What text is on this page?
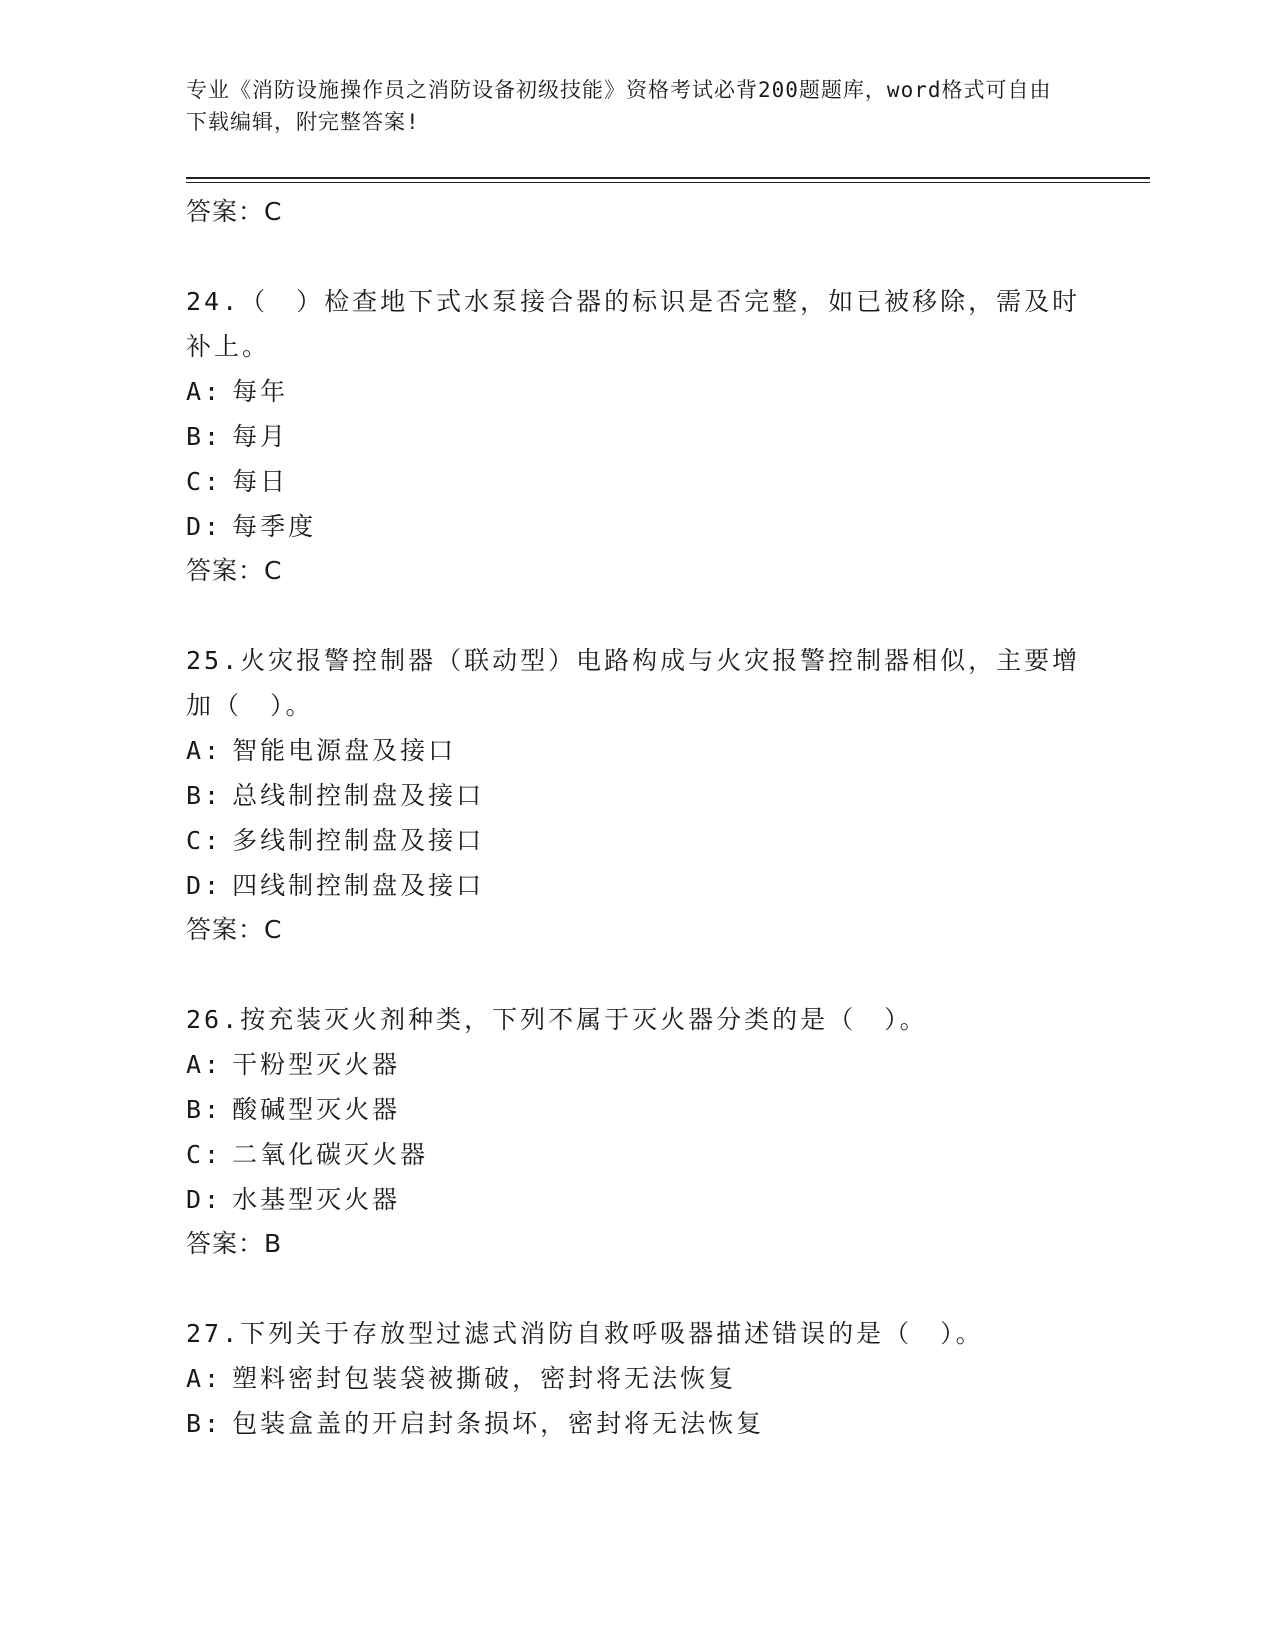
专业《消防设施操作员之消防设备初级技能》资格考试必背200题题库，word格式可自由下载编辑，附完整答案!
答案：C
24.（　）检查地下式水泵接合器的标识是否完整，如已被移除，需及时补上。
A: 每年
B: 每月
C: 每日
D: 每季度
答案：C
25.火灾报警控制器（联动型）电路构成与火灾报警控制器相似，主要增加（　）。
A: 智能电源盘及接口
B: 总线制控制盘及接口
C: 多线制控制盘及接口
D: 四线制控制盘及接口
答案：C
26.按充装灭火剂种类，下列不属于灭火器分类的是（　）。
A: 干粉型灭火器
B: 酸碱型灭火器
C: 二氧化碳灭火器
D: 水基型灭火器
答案：B
27.下列关于存放型过滤式消防自救呼吸器描述错误的是（　）。
A: 塑料密封包装袋被撕破，密封将无法恢复
B: 包装盒盖的开启封条损坏，密封将无法恢复
